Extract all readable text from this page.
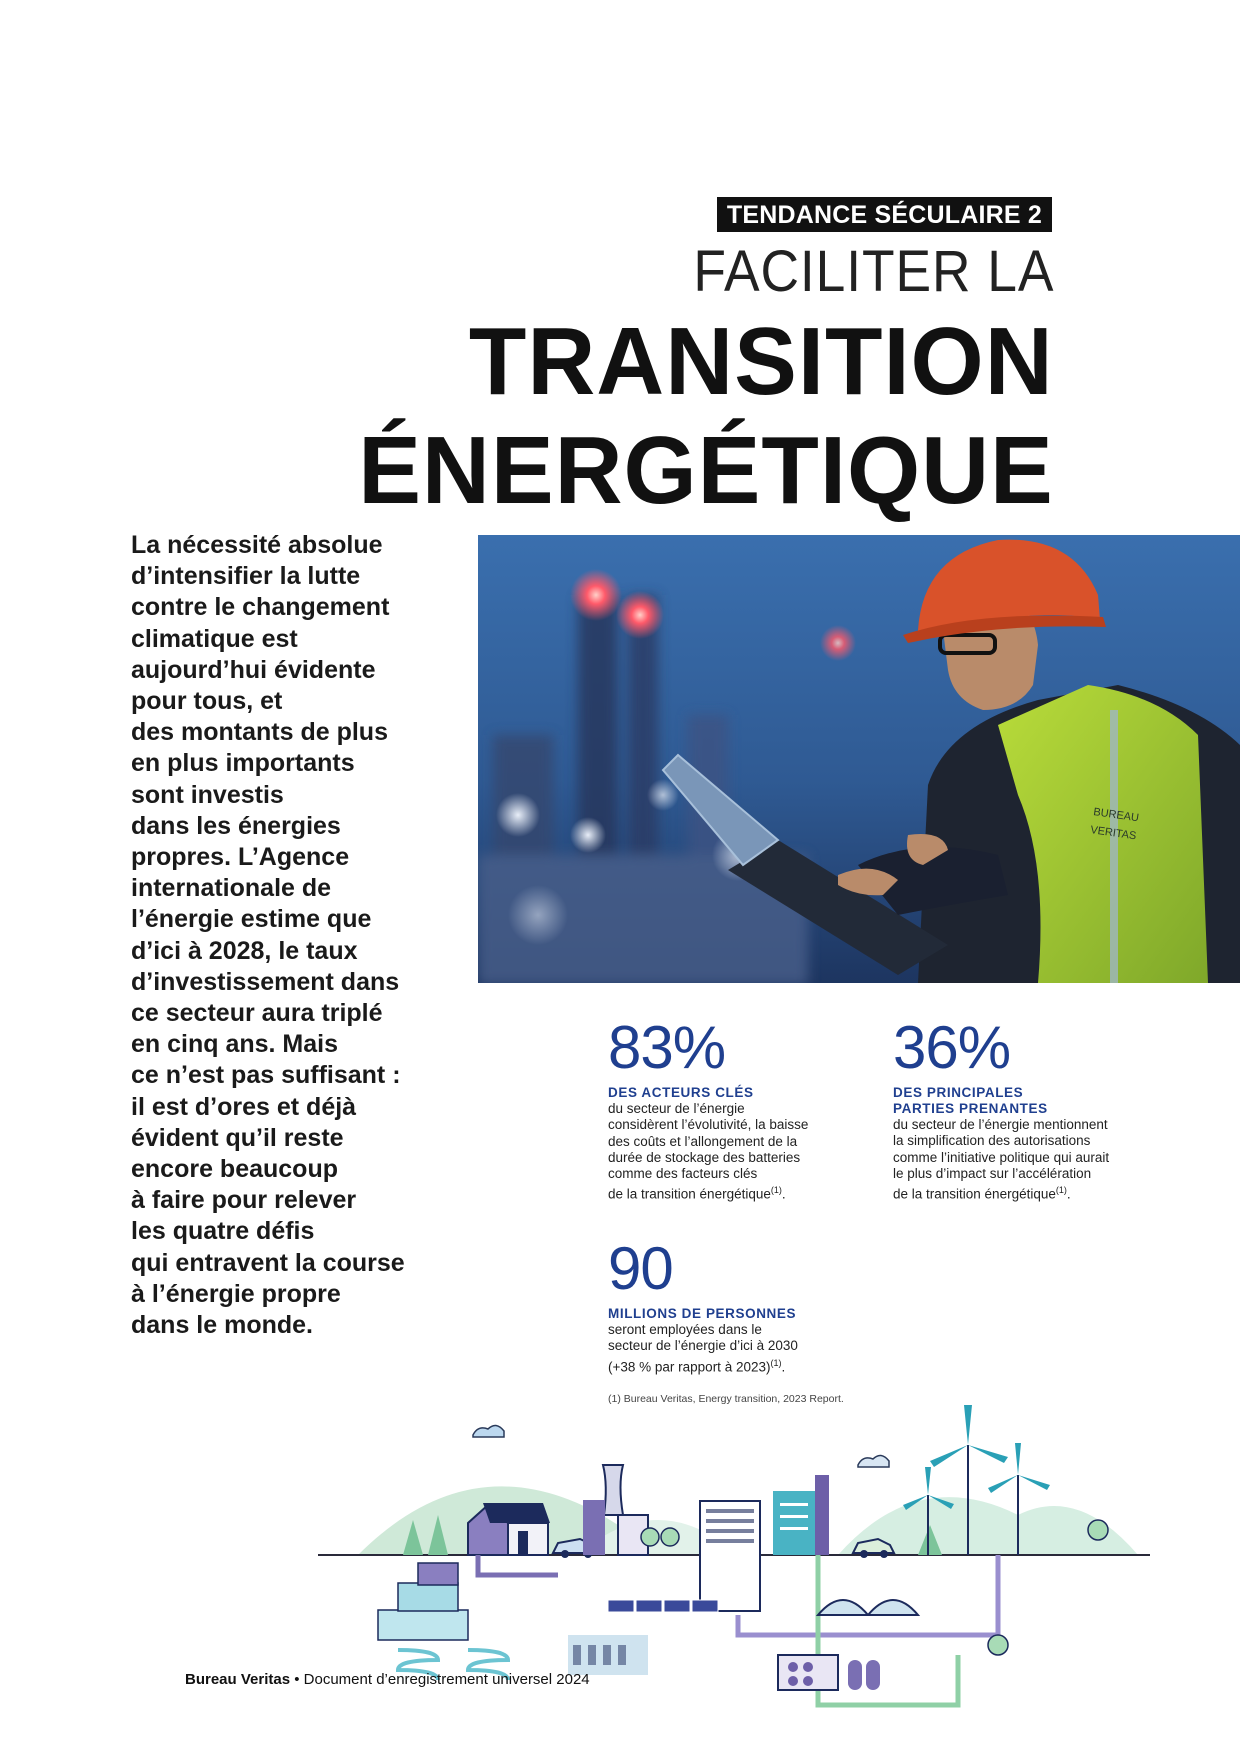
TENDANCE SÉCULAIRE 2
FACILITER LA
TRANSITION
ÉNERGÉTIQUE
La nécessité absolue
d’intensifier la lutte
contre le changement
climatique est
aujourd’hui évidente
pour tous, et
des montants de plus
en plus importants
sont investis
dans les énergies
propres. L’Agence
internationale de
l’énergie estime que
d’ici à 2028, le taux
d’investissement dans
ce secteur aura triplé
en cinq ans. Mais
ce n’est pas suffisant :
il est d’ores et déjà
évident qu’il reste
encore beaucoup
à faire pour relever
les quatre défis
qui entravent la course
à l’énergie propre
dans le monde.
BUREAU
VERITAS
83%
DES ACTEURS CLÉS
du secteur de l’énergie
considèrent l’évolutivité, la baisse
des coûts et l’allongement de la
durée de stockage des batteries
comme des facteurs clés
de la transition énergétique$^{(1)}$.
36%
DES PRINCIPALES
PARTIES PRENANTES
du secteur de l’énergie mentionnent
la simplification des autorisations
comme l’initiative politique qui aurait
le plus d’impact sur l’accélération
de la transition énergétique$^{(1)}$.
90
MILLIONS DE PERSONNES
seront employées dans le
secteur de l’énergie d’ici à 2030
(+38 % par rapport à 2023)$^{(1)}$.
(1) Bureau Veritas, Energy transition, 2023 Report.
Bureau Veritas • Document d’enregistrement universel 2024
